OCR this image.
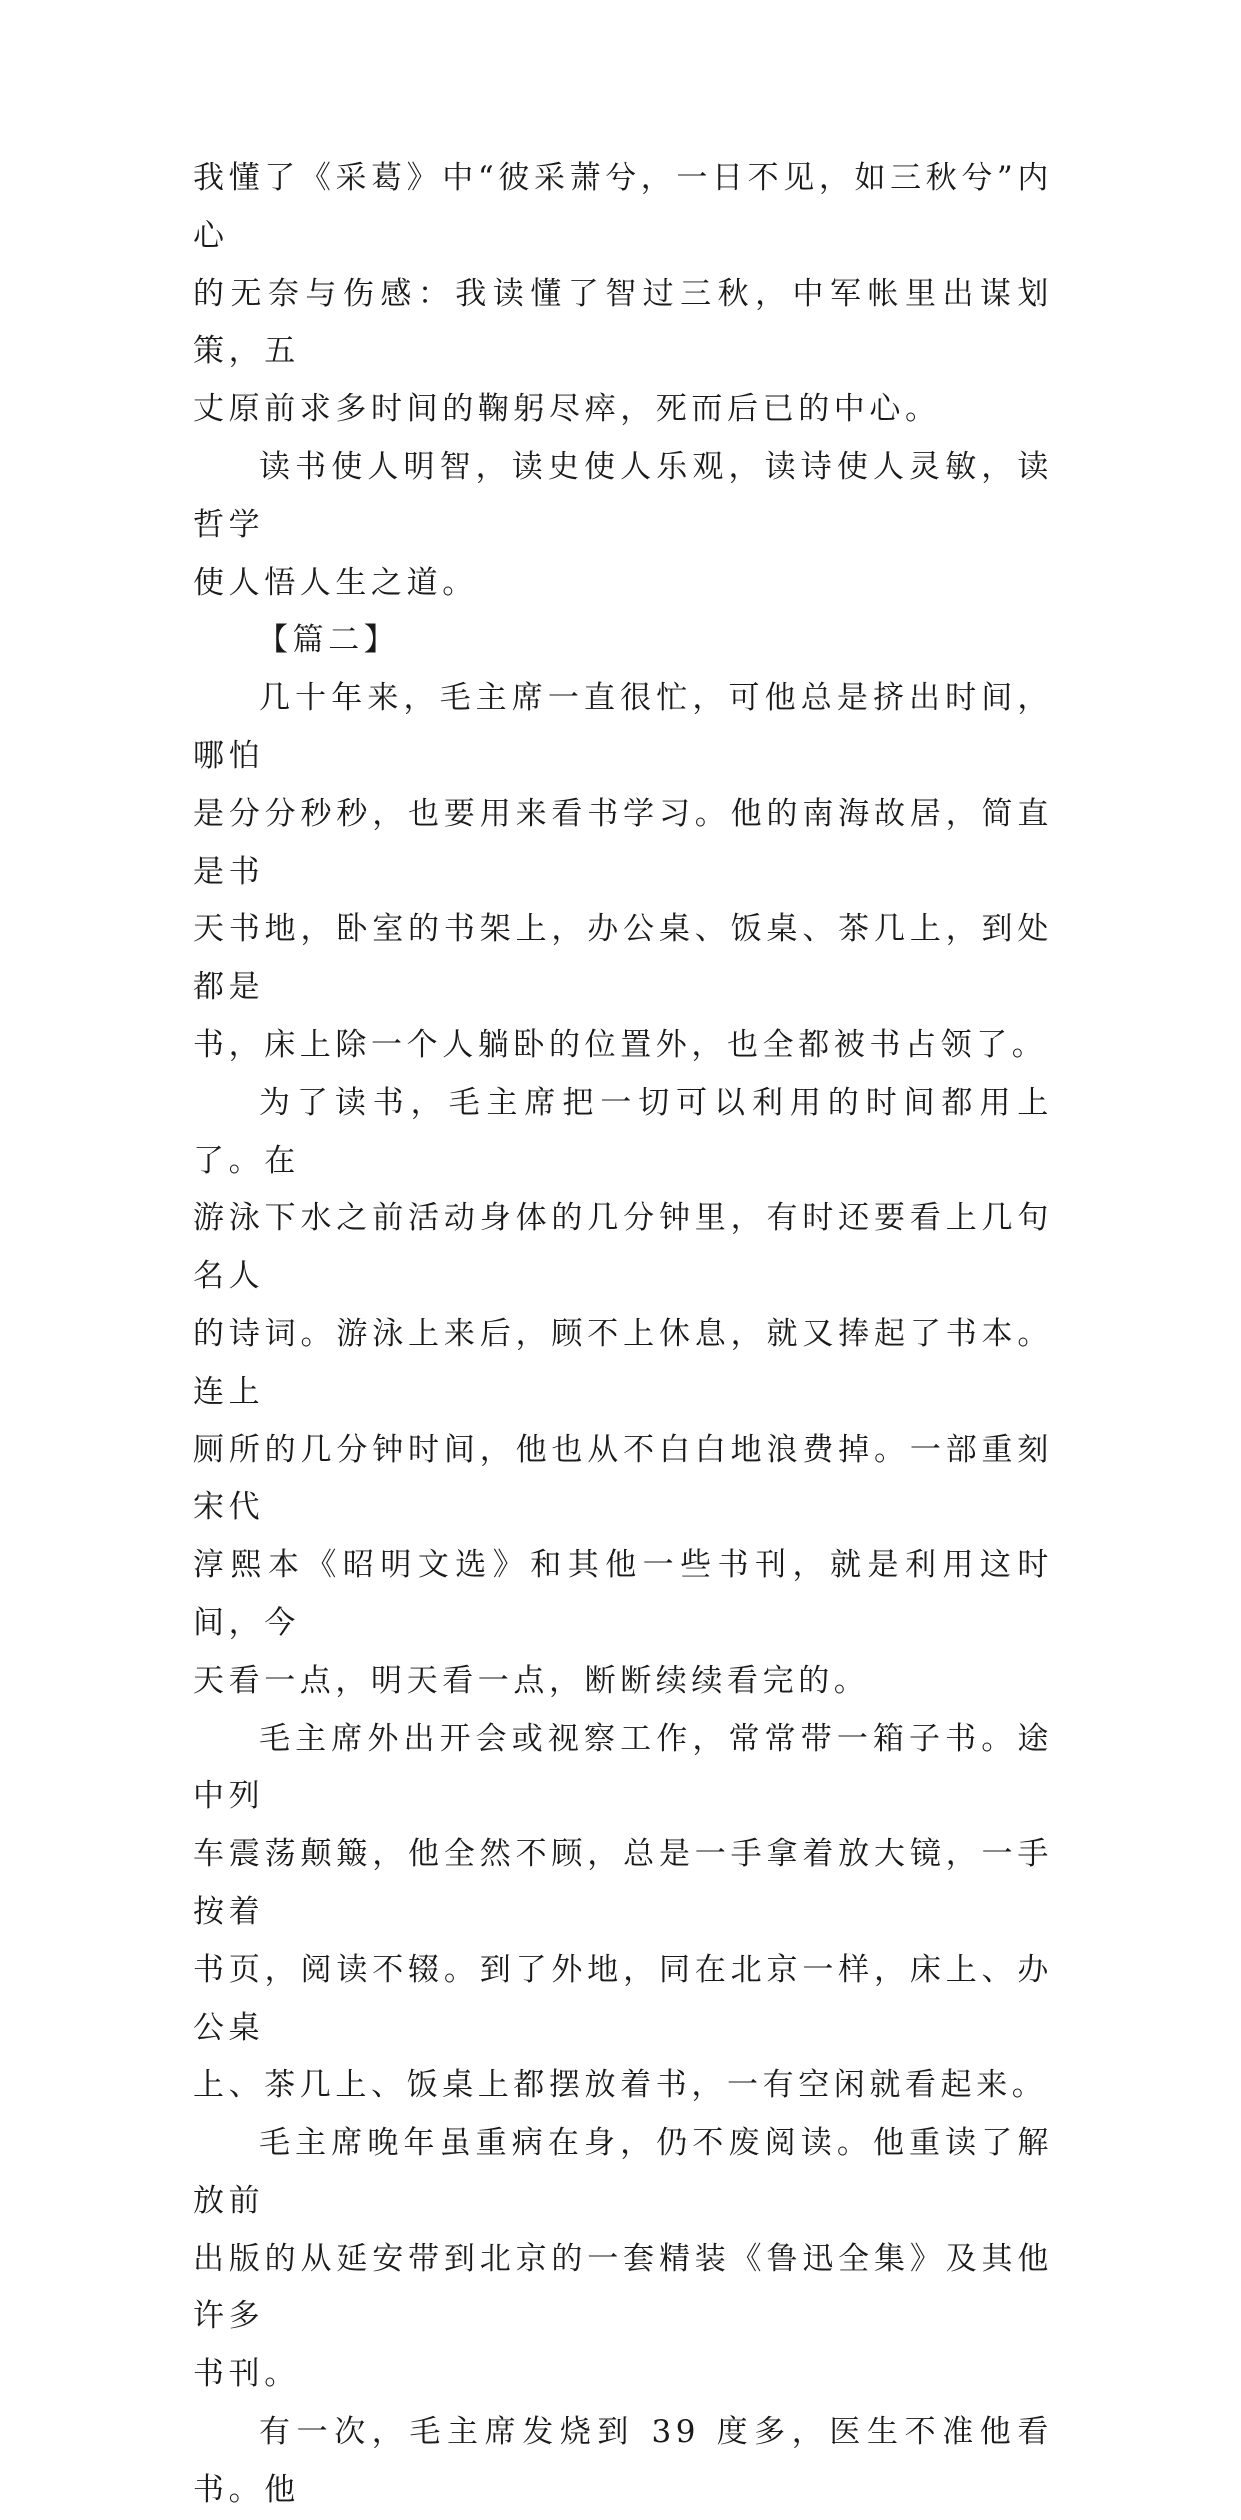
我懂了《采葛》中“彼采萧兮，一日不见，如三秋兮”内心
的无奈与伤感：我读懂了智过三秋，中军帐里出谋划策，五
丈原前求多时间的鞠躬尽瘁，死而后已的中心。

读书使人明智，读史使人乐观，读诗使人灵敏，读哲学
使人悟人生之道。

【篇二】

几十年来，毛主席一直很忙，可他总是挤出时间，哪怕
是分分秒秒，也要用来看书学习。他的南海故居，简直是书
天书地，卧室的书架上，办公桌、饭桌、茶几上，到处都是
书，床上除一个人躺卧的位置外，也全都被书占领了。

为了读书，毛主席把一切可以利用的时间都用上了。在
游泳下水之前活动身体的几分钟里，有时还要看上几句名人
的诗词。游泳上来后，顾不上休息，就又捧起了书本。连上
厕所的几分钟时间，他也从不白白地浪费掉。一部重刻宋代
淳熙本《昭明文选》和其他一些书刊，就是利用这时间，今
天看一点，明天看一点，断断续续看完的。

毛主席外出开会或视察工作，常常带一箱子书。途中列
车震荡颠簸，他全然不顾，总是一手拿着放大镜，一手按着
书页，阅读不辍。到了外地，同在北京一样，床上、办公桌
上、茶几上、饭桌上都摆放着书，一有空闲就看起来。

毛主席晚年虽重病在身，仍不废阅读。他重读了解放前
出版的从延安带到北京的一套精装《鲁迅全集》及其他许多
书刊。

有一次，毛主席发烧到 39 度多，医生不准他看书。他
